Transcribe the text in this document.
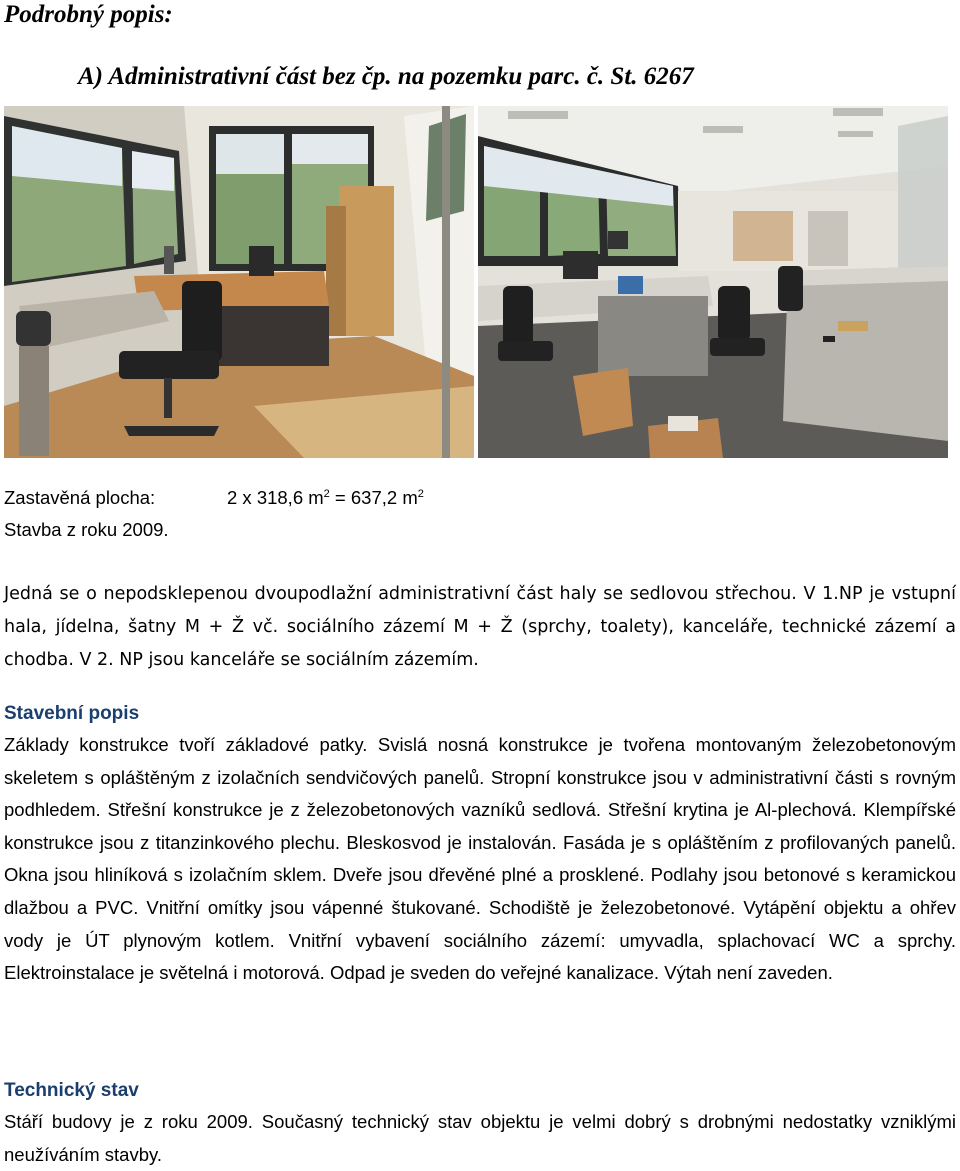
Podrobný popis:
A) Administrativní část bez čp. na pozemku parc. č. St. 6267
Zastavěná plocha:	2 x 318,6 $m^2 = 637,2$ $m^2$
Stavba z roku 2009.

Jedná se o nepodsklepenou dvoupodlažní administrativní část haly se sedlovou střechou. V 1.NP je vstupní hala, jídelna, šatny M + Ž vč. sociálního zázemí M + Ž (sprchy, toalety), kanceláře, technické zázemí a chodba. V 2. NP jsou kanceláře se sociálním zázemím.

Stavební popis

Základy konstrukce tvoří základové patky. Svislá nosná konstrukce je tvořena montovaným železobetonovým skeletem s opláštěným z izolačních sendvičových panelů. Stropní konstrukce jsou v administrativní části s rovným podhledem. Střešní konstrukce je z železobetonových vazníků sedlová. Střešní krytina je Al-plechová. Klempířské konstrukce jsou z titanzinkového plechu. Bleskosvod je instalován. Fasáda je s opláštěním z profilovaných panelů. Okna jsou hliníková s izolačním sklem. Dveře jsou dřevěné plné a prosklené. Podlahy jsou betonové s keramickou dlažbou a PVC. Vnitřní omítky jsou vápenné štukované. Schodiště je železobetonové. Vytápění objektu a ohřev vody je ÚT plynovým kotlem. Vnitřní vybavení sociálního zázemí: umyvadla, splachovací WC a sprchy. Elektroinstalace je světelná i motorová. Odpad je sveden do veřejné kanalizace. Výtah není zaveden.

Technický stav

Stáří budovy je z roku 2009. Současný technický stav objektu je velmi dobrý s drobnými nedostatky vzniklými neužíváním stavby.
